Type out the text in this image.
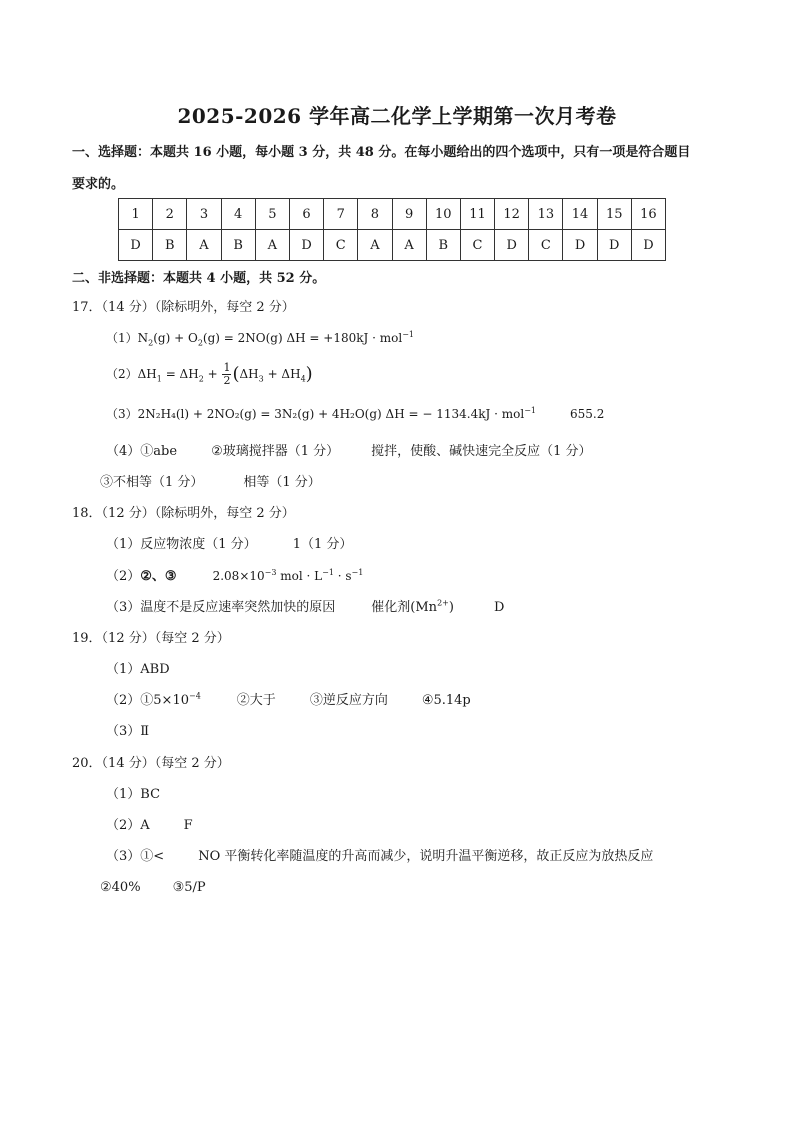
2025-2026 学年高二化学上学期第一次月考卷
一、选择题：本题共 16 小题，每小题 3 分，共 48 分。在每小题给出的四个选项中，只有一项是符合题目
要求的。
1	2	3	4	5	6	7	8	9	10	11	12	13	14	15	16
D	B	A	B	A	D	C	A	A	B	C	D	C	D	D	D
二、非选择题：本题共 4 小题，共 52 分。
17．（14 分）（除标明外，每空 2 分）
$(1)N_2(g) + O_2(g) = 2NO(g) \Delta H = +180kJ \cdot mol^{-1}$
$(2)\Delta H_1 = \Delta H_2 + \frac{1}{2} (\Delta H_3 + \Delta H_4)$
（3）2N₂H₄(l) + 2NO₂(g) = 3N₂(g) + 4H₂O(g) ΔH = − 1134.4kJ · mol$^{-1}$	655.2
（4）①abe	②玻璃搅拌器（1 分） 搅拌，使酸、碱快速完全反应（1 分）
③不相等（1 分）	相等（1 分）
18．（12 分）（除标明外，每空 2 分）
（1）反应物浓度（1 分）	1（1 分）
（2）②、③	$2.08\times 10^{-3}$ mol · $L^{-1} \cdot s^{-1}$
（3）温度不是反应速率突然加快的原因	催化剂$(Mn^{2+})$	D
19．（12 分）（每空 2 分）
（1）ABD
$(2)①5\times 10^{-4}$	②大于	③逆反应方向	④5.14p
（3）Ⅱ
20．（14 分）（每空 2 分）
（1）BC
（2）A	F
（3）①<	NO 平衡转化率随温度的升高而减少，说明升温平衡逆移，故正反应为放热反应
②40% ③5/P
